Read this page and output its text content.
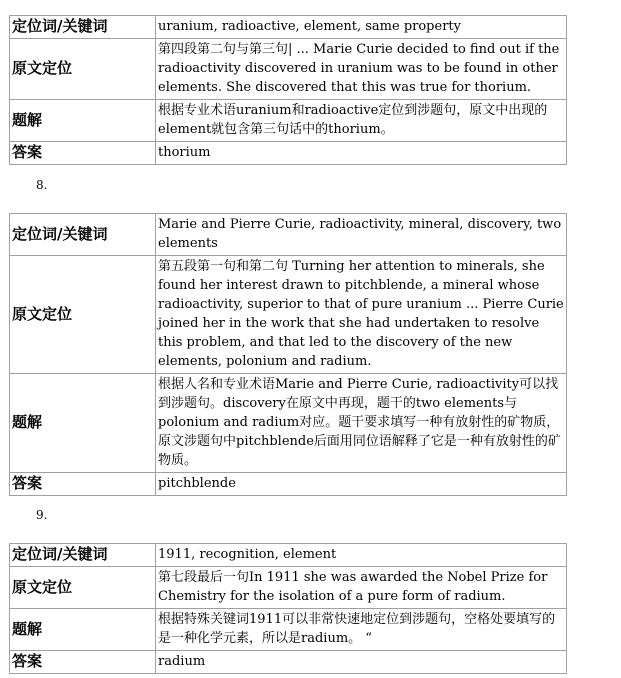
定位词/关键词	uranium, radioactive, element, same property
原文定位	第四段第二句与第三句| ... Marie Curie decided to find out if the radioactivity discovered in uranium was to be found in other elements. She discovered that this was true for thorium.
题解	根据专业术语uranium和radioactive定位到涉题句，原文中出现的element就包含第三句话中的thorium。
答案	thorium
8.
定位词/关键词	Marie and Pierre Curie, radioactivity, mineral, discovery, two elements
原文定位	第五段第一句和第二句 Turning her attention to minerals, she found her interest drawn to pitchblende, a mineral whose radioactivity, superior to that of pure uranium ... Pierre Curie joined her in the work that she had undertaken to resolve this problem, and that led to the discovery of the new elements, polonium and radium.
题解	根据人名和专业术语Marie and Pierre Curie, radioactivity可以找到涉题句。discovery在原文中再现，题干的two elements与polonium and radium对应。题干要求填写一种有放射性的矿物质，原文涉题句中pitchblende后面用同位语解释了它是一种有放射性的矿物质。
答案	pitchblende
9.
定位词/关键词	1911, recognition, element
原文定位	第七段最后一句In 1911 she was awarded the Nobel Prize for Chemistry for the isolation of a pure form of radium.
题解	根据特殊关键词1911可以非常快速地定位到涉题句，空格处要填写的是一种化学元素，所以是radium。 “
答案	radium
